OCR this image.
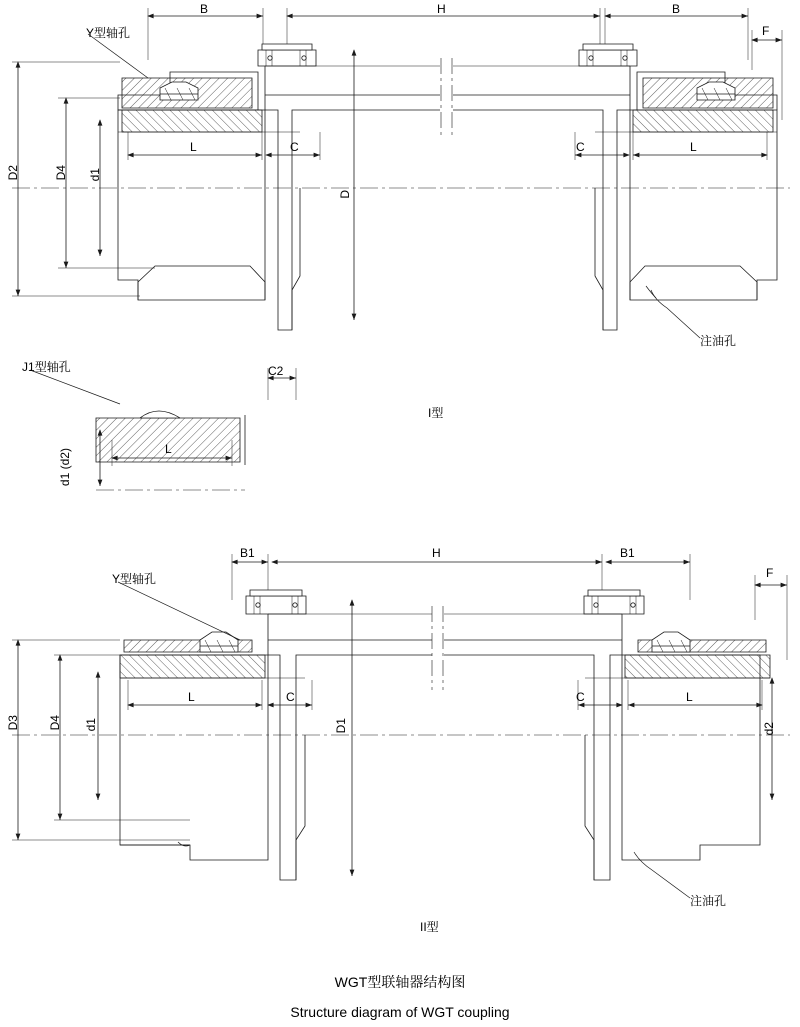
Y型轴孔
B	H	B
F
D2
D4
d1
D
L	C	C	L
注油孔
I型
J1型轴孔	C2
L
d1 (d2)
Y型轴孔
B1	H	B1
F
D3
D4
d1
D1
d2
L	C	C	L
注油孔
II型
WGT型联轴器结构图
Structure diagram of WGT coupling
